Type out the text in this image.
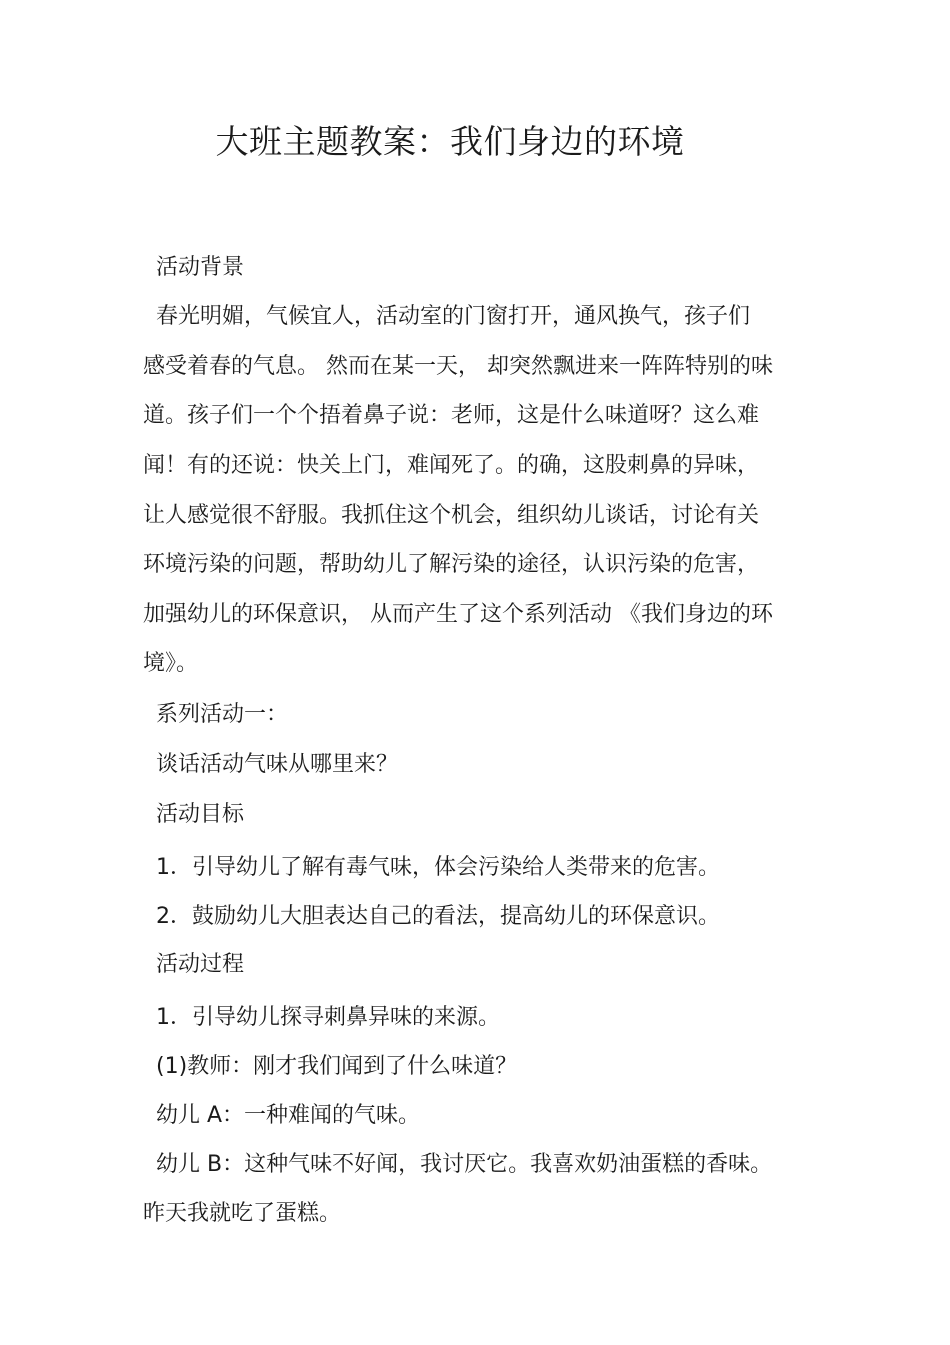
大班主题教案：我们身边的环境
活动背景
春光明媚，气候宜人，活动室的门窗打开，通风换气，孩子们
感受着春的气息。 然而在某一天， 却突然飘进来一阵阵特别的味
道。孩子们一个个捂着鼻子说：老师，这是什么味道呀？这么难
闻！有的还说：快关上门，难闻死了。的确，这股刺鼻的异味，
让人感觉很不舒服。我抓住这个机会，组织幼儿谈话，讨论有关
环境污染的问题，帮助幼儿了解污染的途径，认识污染的危害，
加强幼儿的环保意识， 从而产生了这个系列活动 《我们身边的环
境》。
系列活动一：
谈话活动气味从哪里来？
活动目标
1．引导幼儿了解有毒气味，体会污染给人类带来的危害。
2．鼓励幼儿大胆表达自己的看法，提高幼儿的环保意识。
活动过程
1．引导幼儿探寻刺鼻异味的来源。
(1)教师：刚才我们闻到了什么味道？
幼儿 A：一种难闻的气味。
幼儿 B：这种气味不好闻，我讨厌它。我喜欢奶油蛋糕的香味。
昨天我就吃了蛋糕。
